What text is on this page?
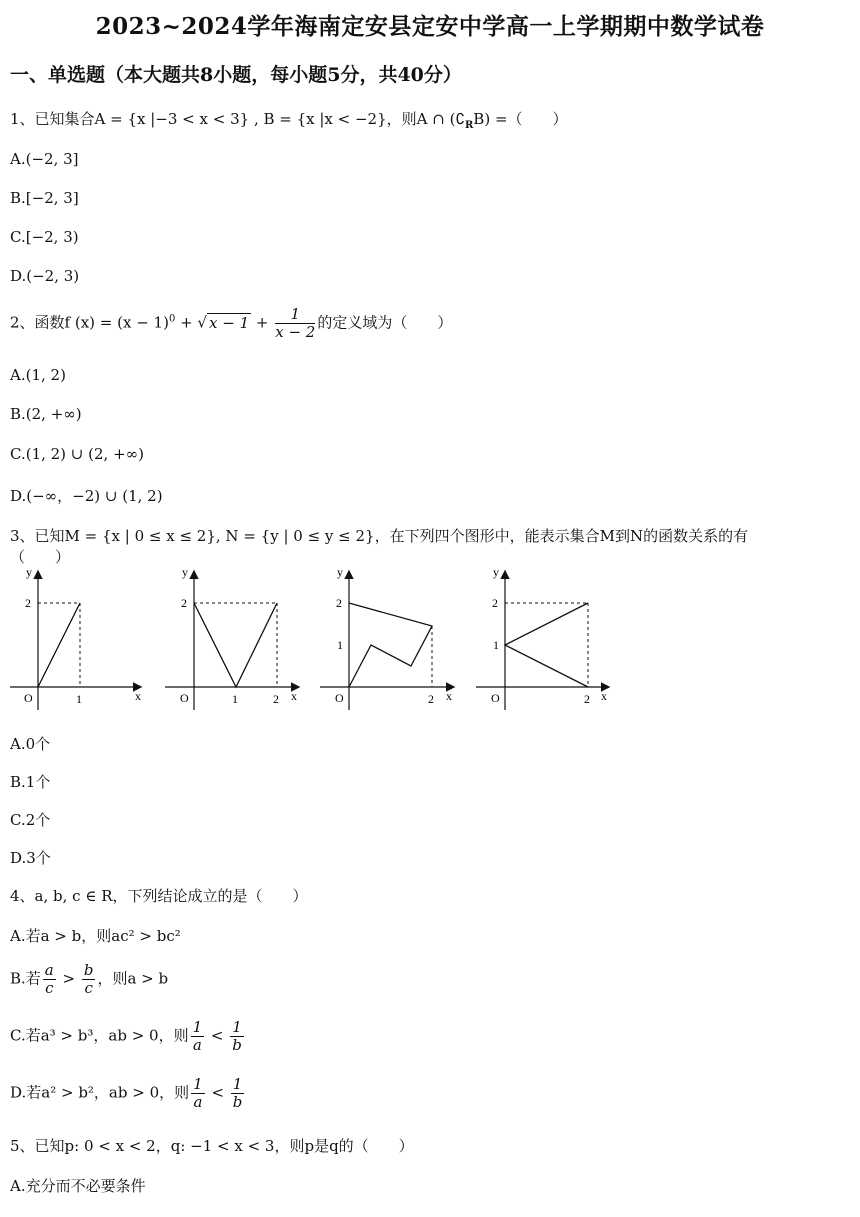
2023~2024学年海南定安县定安中学高一上学期期中数学试卷
一、单选题（本大题共8小题，每小题5分，共40分）
1、已知集合A = {x |−3 < x < 3} , B = {x |x < −2}，则A ∩ $(∁_RB)$ =（　　）
A.(−2, 3]
B.[−2, 3]
C.[−2, 3)
D.(−2, 3)
2、函数f $(x) = (x - 1)^0$ + √ $x - 1 + \frac{1}{x - 2}$ 的定义域为（　　）
A.(1, 2)
B.(2, +∞)
C.(1, 2) ∪ (2, +∞)
D.(−∞，−2) ∪ (1, 2)
3、已知M = {x | 0 ≤ x ≤ 2}, N = {y | 0 ≤ y ≤ 2}，在下列四个图形中，能表示集合M到N的函数关系的有
（　　）
y
x
O	1
2
y
x
O	1	2
2
y
x
O	2
2
1
y
x
O	2
2
1
A.0个
B.1个
C.2个
D.3个
4、a, b, c ∈ R，下列结论成立的是（　　）
A.若a > b，则ac² > bc²
B.若 $\frac{a}{c} > \frac{b}{c}$ ，则a > b
C.若a³ > b³，ab > 0，则 $\frac{1}{a} < \frac{1}{b}$
D.若a² > b²，ab > 0，则 $\frac{1}{a} < \frac{1}{b}$
5、已知p: 0 < x < 2，q: −1 < x < 3，则p是q的（　　）
A.充分而不必要条件
